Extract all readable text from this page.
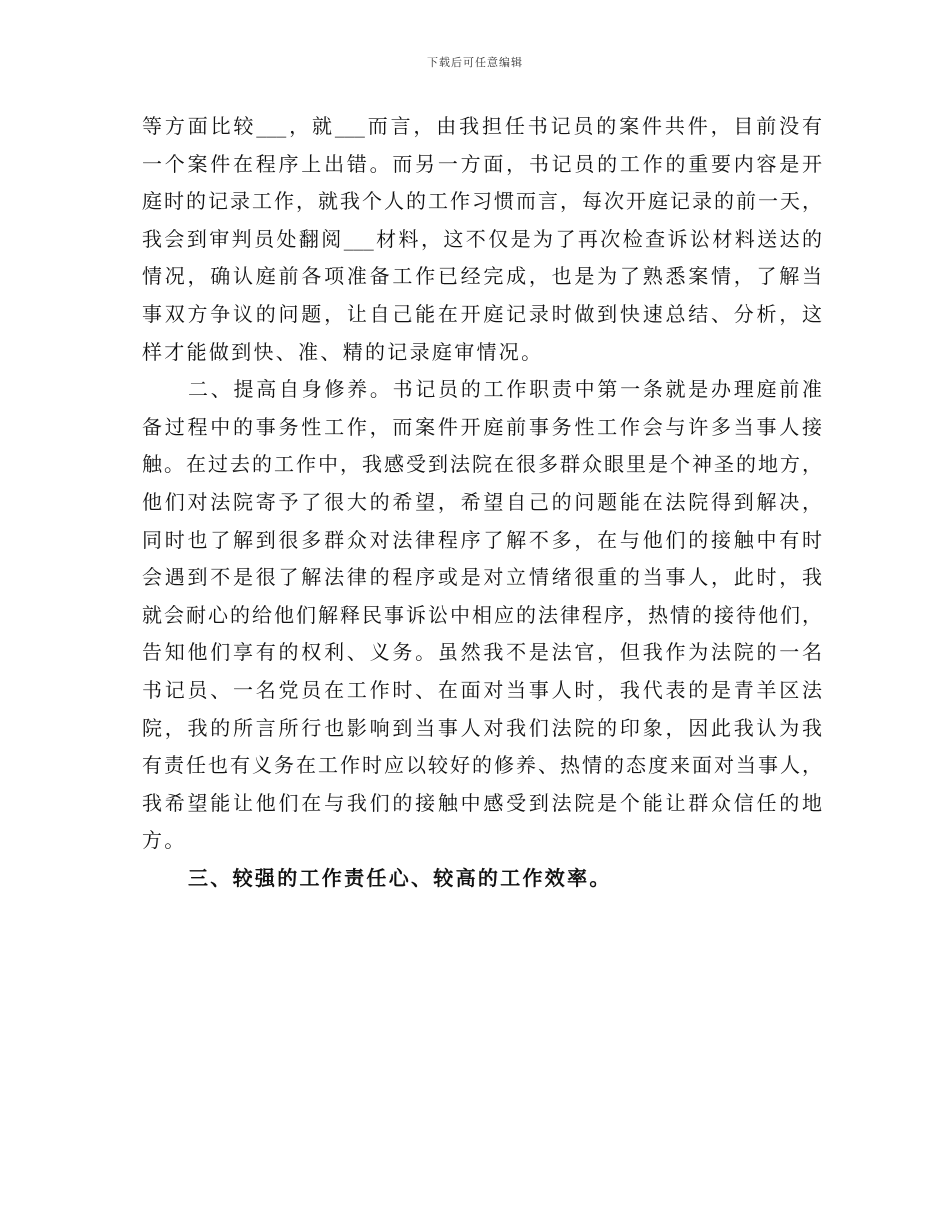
下载后可任意编辑
等方面比较___，就___而言，由我担任书记员的案件共件，目前没有
一个案件在程序上出错。而另一方面，书记员的工作的重要内容是开
庭时的记录工作，就我个人的工作习惯而言，每次开庭记录的前一天，
我会到审判员处翻阅___材料，这不仅是为了再次检查诉讼材料送达的
情况，确认庭前各项准备工作已经完成，也是为了熟悉案情，了解当
事双方争议的问题，让自己能在开庭记录时做到快速总结、分析，这
样才能做到快、准、精的记录庭审情况。
二、提高自身修养。书记员的工作职责中第一条就是办理庭前准
备过程中的事务性工作，而案件开庭前事务性工作会与许多当事人接
触。在过去的工作中，我感受到法院在很多群众眼里是个神圣的地方，
他们对法院寄予了很大的希望，希望自己的问题能在法院得到解决，
同时也了解到很多群众对法律程序了解不多，在与他们的接触中有时
会遇到不是很了解法律的程序或是对立情绪很重的当事人，此时，我
就会耐心的给他们解释民事诉讼中相应的法律程序，热情的接待他们，
告知他们享有的权利、义务。虽然我不是法官，但我作为法院的一名
书记员、一名党员在工作时、在面对当事人时，我代表的是青羊区法
院，我的所言所行也影响到当事人对我们法院的印象，因此我认为我
有责任也有义务在工作时应以较好的修养、热情的态度来面对当事人，
我希望能让他们在与我们的接触中感受到法院是个能让群众信任的地
方。
三、较强的工作责任心、较高的工作效率。
